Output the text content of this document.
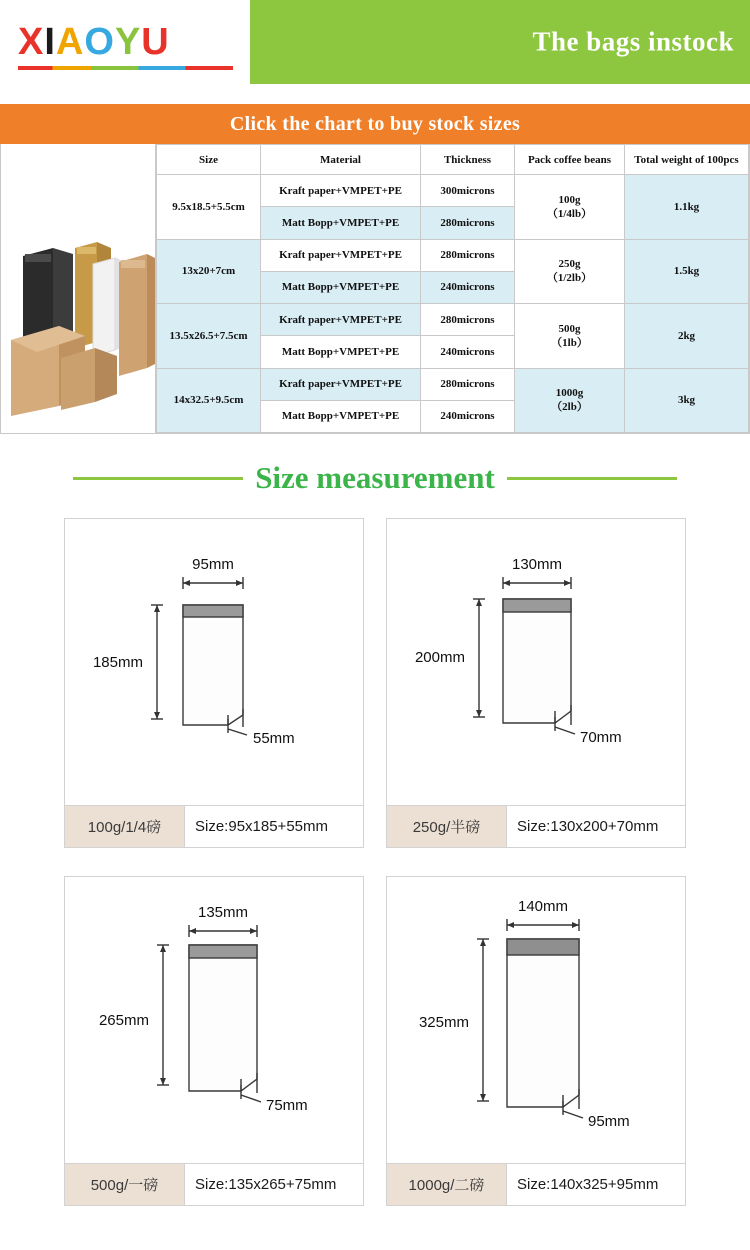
XIAOYU	The bags instock
Click the chart to buy stock sizes
Size	Material	Thickness	Pack coffee beans	Total weight of 100pcs
9.5x18.5+5.5cm	Kraft paper+VMPET+PE	300microns	100g
（1/4lb）	1.1kg
	Matt Bopp+VMPET+PE	280microns		
13x20+7cm	Kraft paper+VMPET+PE	280microns	250g
（1/2lb）	1.5kg
	Matt Bopp+VMPET+PE	240microns		
13.5x26.5+7.5cm	Kraft paper+VMPET+PE	280microns	500g
（1lb）	2kg
	Matt Bopp+VMPET+PE	240microns		
14x32.5+9.5cm	Kraft paper+VMPET+PE	280microns	1000g
（2lb）	3kg
	Matt Bopp+VMPET+PE	240microns		
Size measurement
95mm
185mm
55mm
100g/1/4磅	Size:95x185+55mm
130mm
200mm
70mm
250g/半磅	Size:130x200+70mm
135mm
265mm
75mm
500g/一磅	Size:135x265+75mm
140mm
325mm
95mm
1000g/二磅	Size:140x325+95mm
